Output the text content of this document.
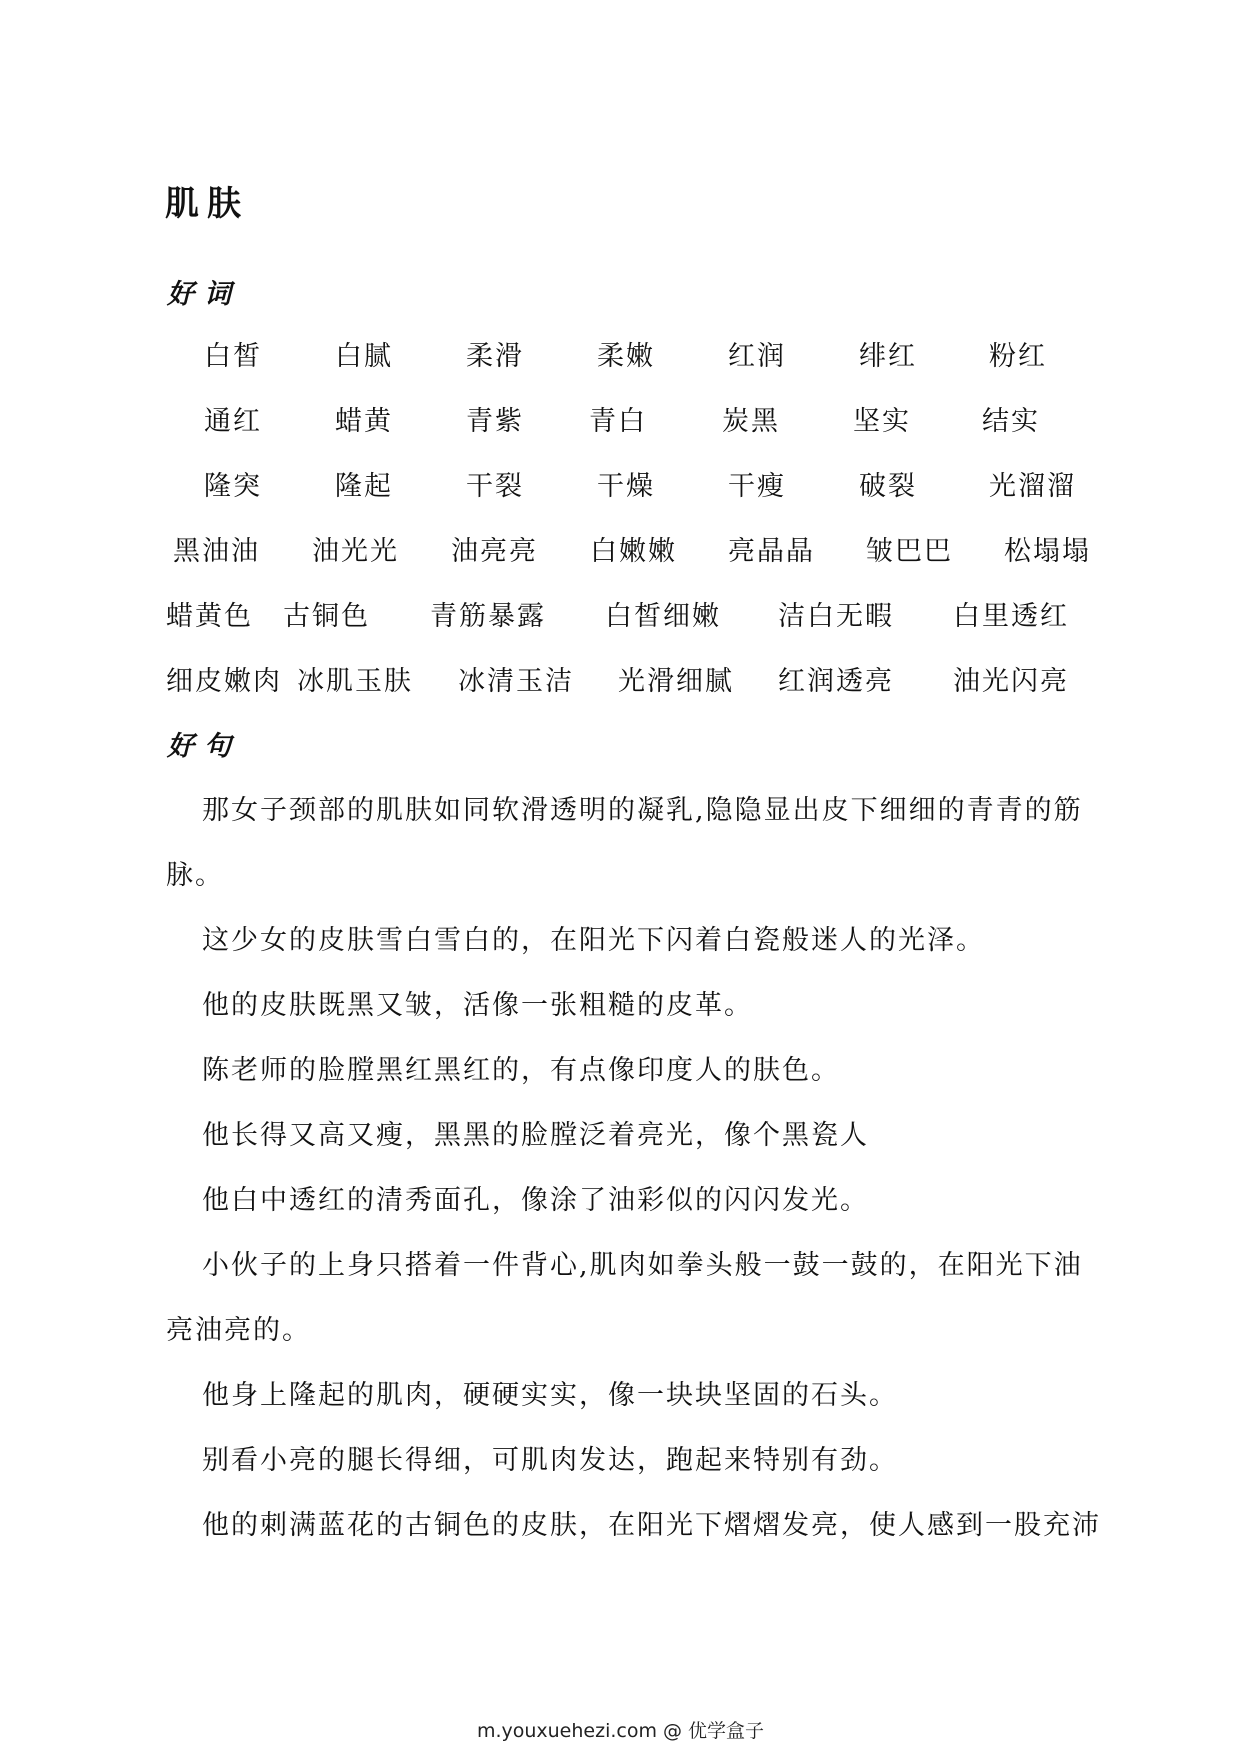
肌肤
好词
白皙	白腻	柔滑	柔嫩	红润	绯红	粉红
通红	蜡黄	青紫 青白	炭黑	坚实	结实
隆突	隆起	干裂	干燥	干瘦	破裂	光溜溜
黑油油 油光光 油亮亮 白嫩嫩 亮晶晶 皱巴巴 松塌塌
蜡黄色 古铜色 青筋暴露 白皙细嫩 洁白无暇 白里透红
细皮嫩肉 冰肌玉肤 冰清玉洁 光滑细腻 红润透亮 油光闪亮
好句

那女子颈部的肌肤如同软滑透明的凝乳,隐隐显出皮下细细的青青的筋

脉。

这少女的皮肤雪白雪白的，在阳光下闪着白瓷般迷人的光泽。

他的皮肤既黑又皱，活像一张粗糙的皮革。

陈老师的脸膛黑红黑红的，有点像印度人的肤色。

他长得又高又瘦，黑黑的脸膛泛着亮光，像个黑瓷人

他白中透红的清秀面孔，像涂了油彩似的闪闪发光。

小伙子的上身只搭着一件背心,肌肉如拳头般一鼓一鼓的，在阳光下油

亮油亮的。

他身上隆起的肌肉，硬硬实实，像一块块坚固的石头。

别看小亮的腿长得细，可肌肉发达，跑起来特别有劲。

他的刺满蓝花的古铜色的皮肤，在阳光下熠熠发亮，使人感到一股充沛

m.youxuehezi.com @ 优学盒子
